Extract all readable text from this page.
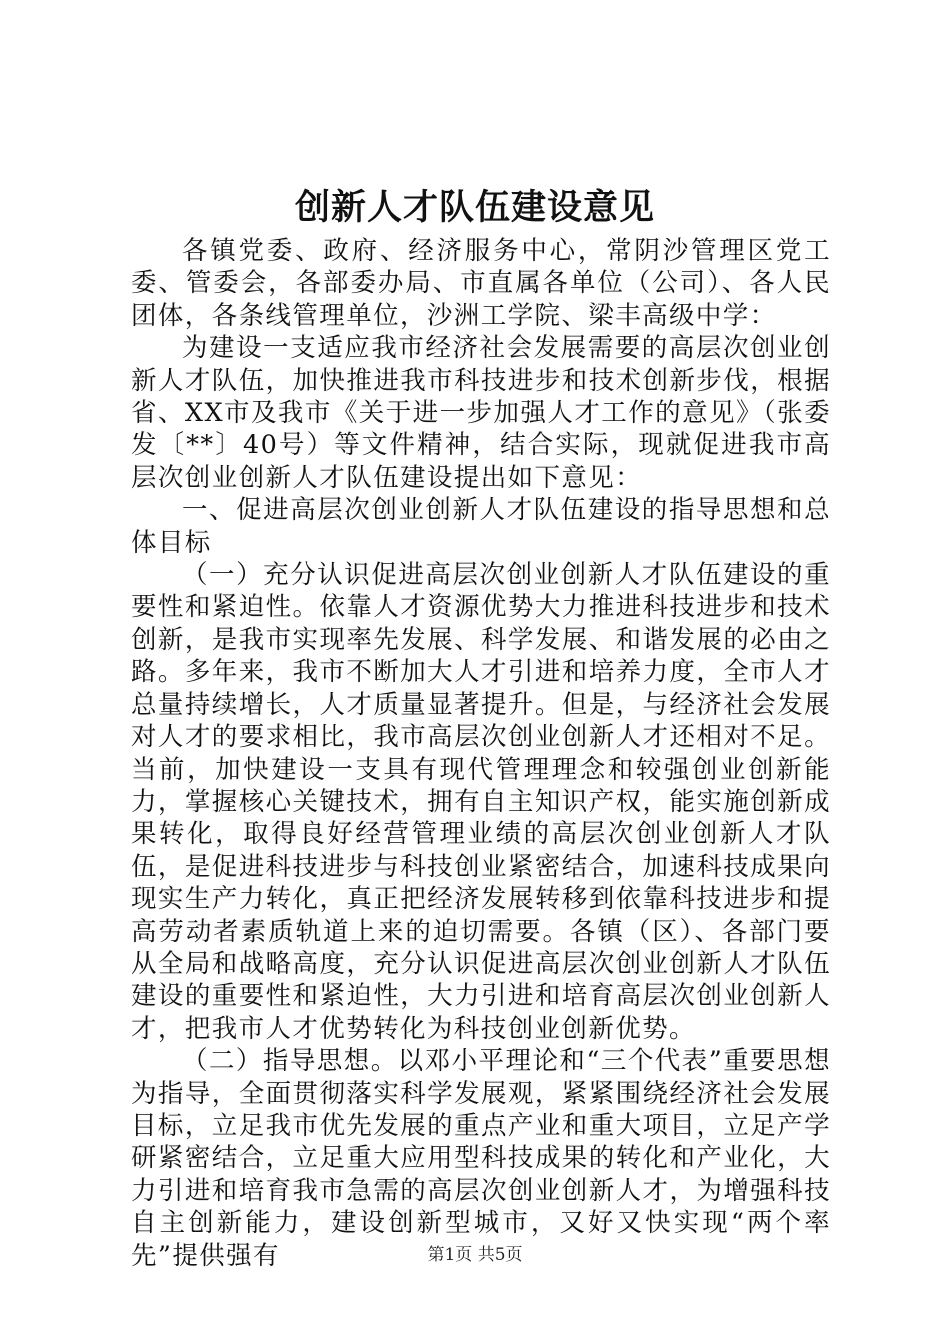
创新人才队伍建设意见

各镇党委、政府、经济服务中心，常阴沙管理区党工委、管委会，各部委办局、市直属各单位（公司）、各人民团体，各条线管理单位，沙洲工学院、梁丰高级中学：

为建设一支适应我市经济社会发展需要的高层次创业创新人才队伍，加快推进我市科技进步和技术创新步伐，根据省、XX市及我市《关于进一步加强人才工作的意见》（张委发〔**〕40号）等文件精神，结合实际，现就促进我市高层次创业创新人才队伍建设提出如下意见：

一、促进高层次创业创新人才队伍建设的指导思想和总体目标

（一）充分认识促进高层次创业创新人才队伍建设的重要性和紧迫性。依靠人才资源优势大力推进科技进步和技术创新，是我市实现率先发展、科学发展、和谐发展的必由之路。多年来，我市不断加大人才引进和培养力度，全市人才总量持续增长，人才质量显著提升。但是，与经济社会发展对人才的要求相比，我市高层次创业创新人才还相对不足。当前，加快建设一支具有现代管理理念和较强创业创新能力，掌握核心关键技术，拥有自主知识产权，能实施创新成果转化，取得良好经营管理业绩的高层次创业创新人才队伍，是促进科技进步与科技创业紧密结合，加速科技成果向现实生产力转化，真正把经济发展转移到依靠科技进步和提高劳动者素质轨道上来的迫切需要。各镇（区）、各部门要从全局和战略高度，充分认识促进高层次创业创新人才队伍建设的重要性和紧迫性，大力引进和培育高层次创业创新人才，把我市人才优势转化为科技创业创新优势。

（二）指导思想。以邓小平理论和“三个代表”重要思想为指导，全面贯彻落实科学发展观，紧紧围绕经济社会发展目标，立足我市优先发展的重点产业和重大项目，立足产学研紧密结合，立足重大应用型科技成果的转化和产业化，大力引进和培育我市急需的高层次创业创新人才，为增强科技自主创新能力，建设创新型城市，又好又快实现“两个率先”提供强有	第1页 共5页
